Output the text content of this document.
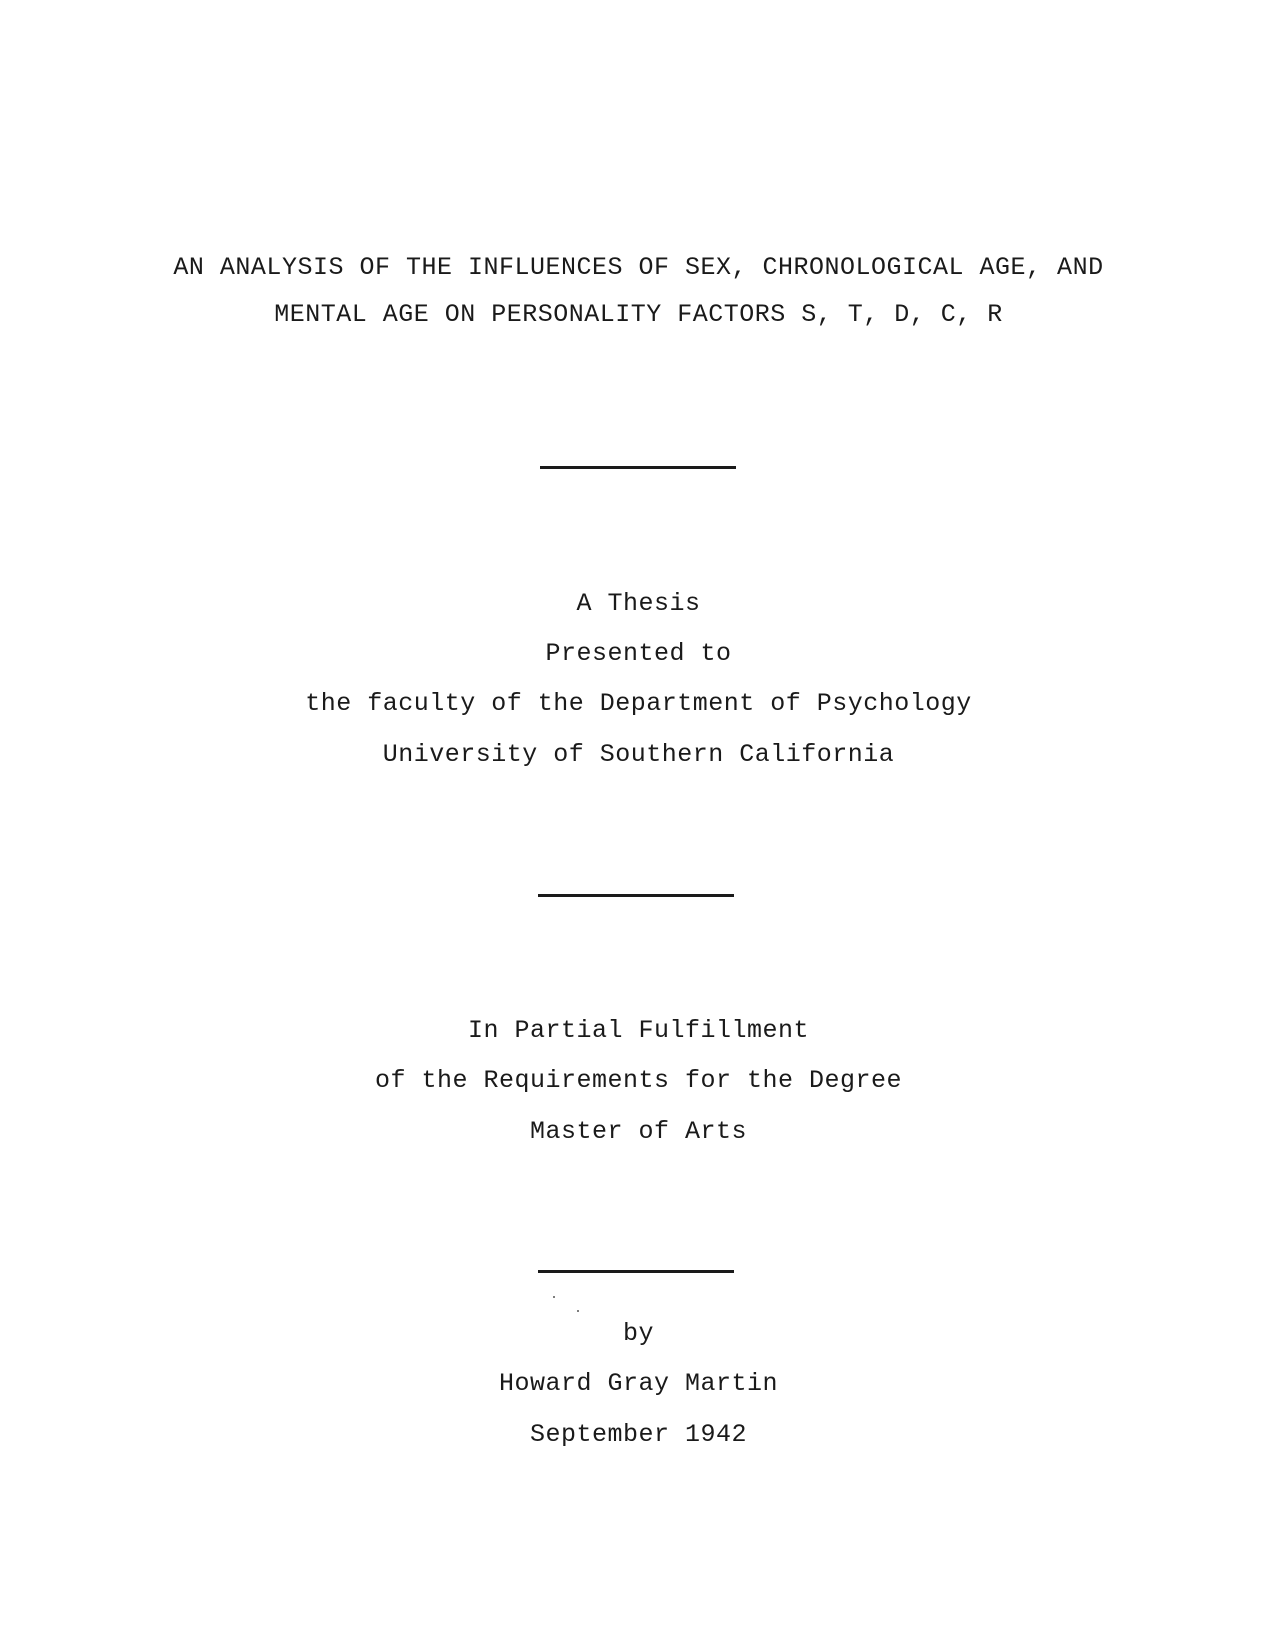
AN ANALYSIS OF THE INFLUENCES OF SEX, CHRONOLOGICAL AGE, AND
MENTAL AGE ON PERSONALITY FACTORS S, T, D, C, R
A Thesis
Presented to
the faculty of the Department of Psychology
University of Southern California
In Partial Fulfillment
of the Requirements for the Degree
Master of Arts
by
Howard Gray Martin
September 1942
